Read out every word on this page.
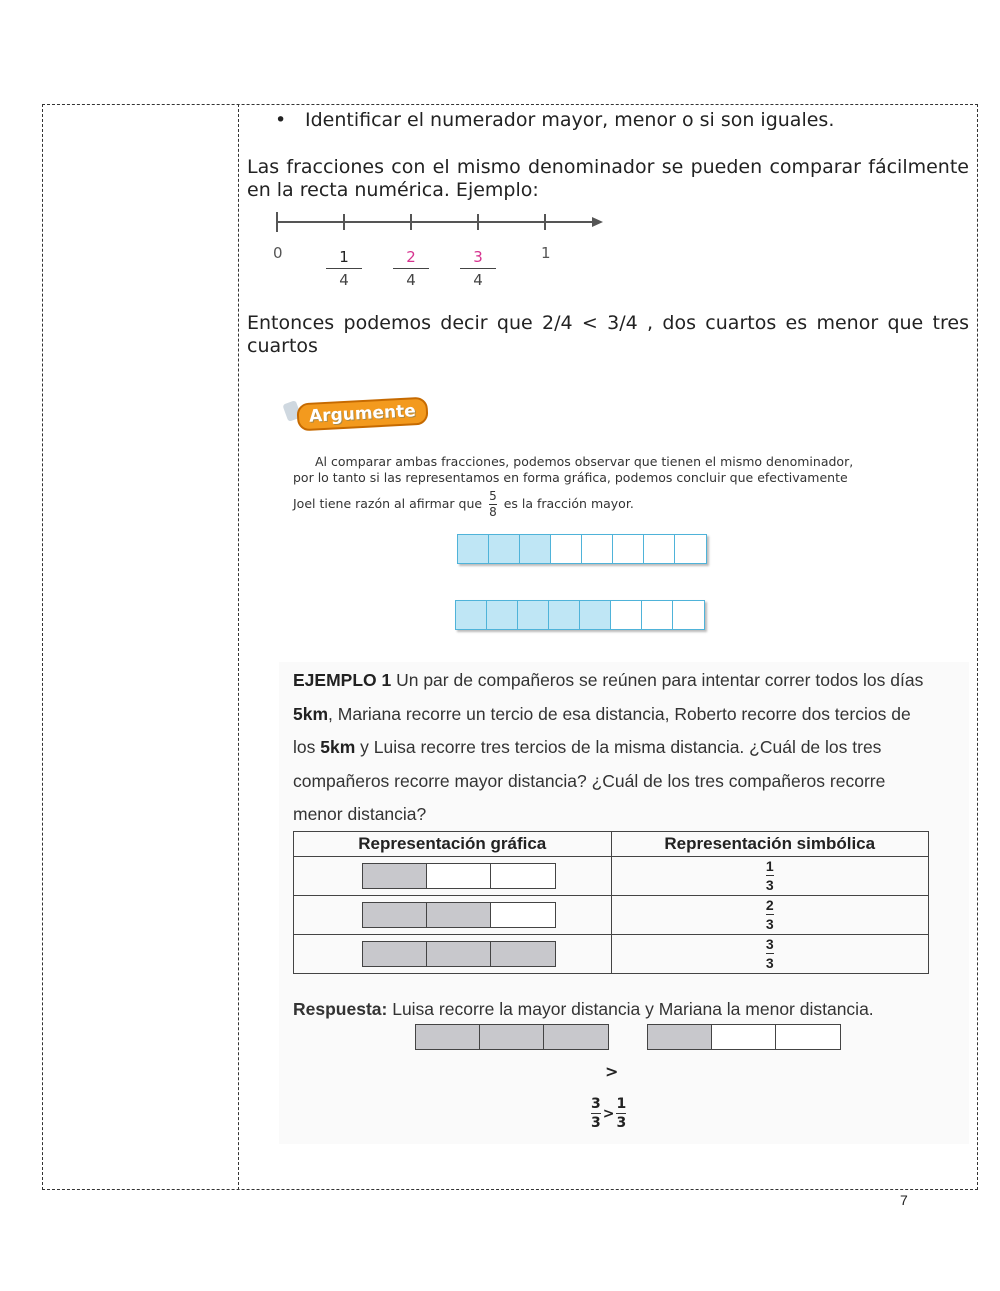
• Identificar el numerador mayor, menor o si son iguales.
Las fracciones con el mismo denominador se pueden comparar fácilmente en la recta numérica. Ejemplo:
0	1
4
2
4
3
4
1
Entonces podemos decir que 2/4 < 3/4 , dos cuartos es menor que tres cuartos
Argumente
Al comparar ambas fracciones, podemos observar que tienen el mismo denominador,
por lo tanto si las representamos en forma gráfica, podemos concluir que efectivamente
Joel tiene razón al afirmar que $\frac{5}{8}$ es la fracción mayor.
EJEMPLO 1 Un par de compañeros se reúnen para intentar correr todos los días 5km, Mariana recorre un tercio de esa distancia, Roberto recorre dos tercios de los 5km y Luisa recorre tres tercios de la misma distancia. ¿Cuál de los tres compañeros recorre mayor distancia? ¿Cuál de los tres compañeros recorre menor distancia?
Representación gráfica	Representación simbólica

	$\frac{1}{3}$

	$\frac{2}{3}$

	$\frac{3}{3}$
Respuesta: Luisa recorre la mayor distancia y Mariana la menor distancia.
>
3
3
>
1
3
7
